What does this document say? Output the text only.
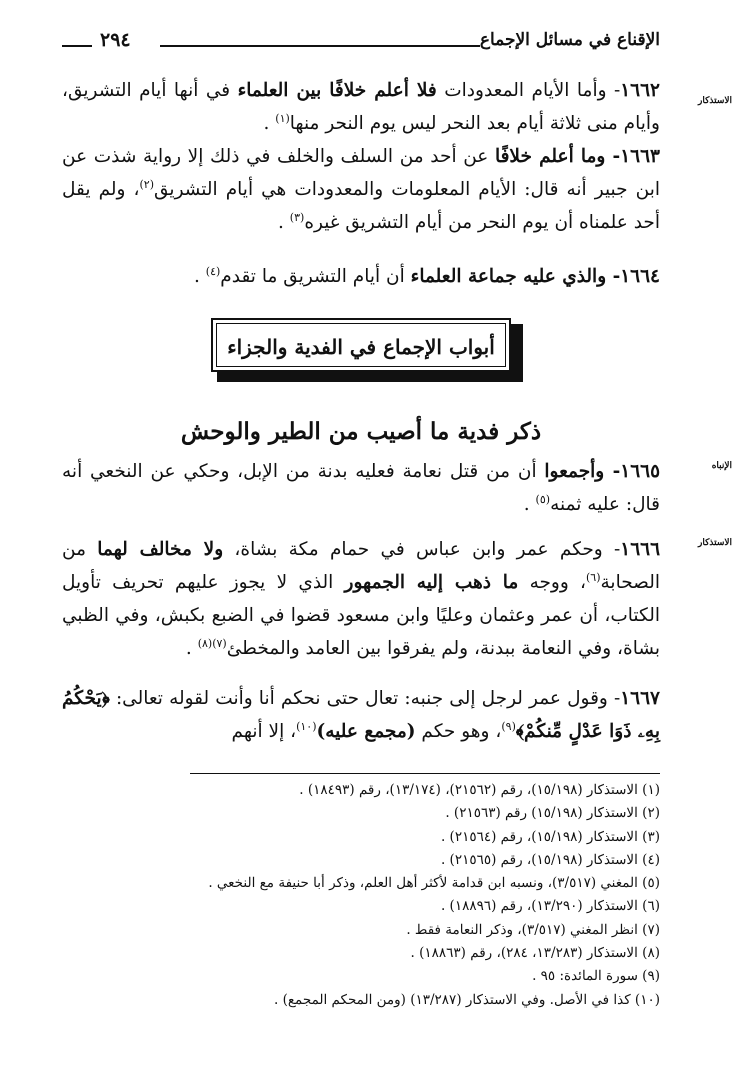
الإقناع في مسائل الإجماع
٢٩٤
الاستذكار
الإنباه
الاستذكار

١٦٦٢- وأما الأيام المعدودات فلا أعلم خلافًا بين العلماء في أنها أيام التشريق، وأيام منى ثلاثة أيام بعد النحر ليس يوم النحر منها$^{(١)}$ .

١٦٦٣- وما أعلم خلافًا عن أحد من السلف والخلف في ذلك إلا رواية شذت عن ابن جبير أنه قال: الأيام المعلومات والمعدودات هي أيام التشريق$^{(٢)}$، ولم يقل أحد علمناه أن يوم النحر من أيام التشريق غيره$^{(٣)}$ .

١٦٦٤- والذي عليه جماعة العلماء أن أيام التشريق ما تقدم$^{(٤)}$ .

أبواب الإجماع في الفدية والجزاء
ذكر فدية ما أصيب من الطير والوحش

١٦٦٥- وأجمعوا أن من قتل نعامة فعليه بدنة من الإبل، وحكي عن النخعي أنه قال: عليه ثمنه$^{(٥)}$ .

١٦٦٦- وحكم عمر وابن عباس في حمام مكة بشاة، ولا مخالف لهما من الصحابة$^{(٦)}$، ووجه ما ذهب إليه الجمهور الذي لا يجوز عليهم تحريف تأويل الكتاب، أن عمر وعثمان وعليًا وابن مسعود قضوا في الضبع بكبش، وفي الظبي بشاة، وفي النعامة ببدنة، ولم يفرقوا بين العامد والمخطئ$^{(٧)(٨)}$ .

١٦٦٧- وقول عمر لرجل إلى جنبه: تعال حتى نحكم أنا وأنت لقوله تعالى: ﴿يَحْكُمُ بِهِۦ ذَوَا عَدْلٍ مِّنكُمْ﴾$^{(٩)}$، وهو حكم (مجمع عليه)$^{(١٠)}$، إلا أنهم

(١) الاستذكار (١٥/١٩٨)، رقم (٢١٥٦٢)، (١٣/١٧٤)، رقم (١٨٤٩٣) .
(٢) الاستذكار (١٥/١٩٨) رقم (٢١٥٦٣) .
(٣) الاستذكار (١٥/١٩٨)، رقم (٢١٥٦٤) .
(٤) الاستذكار (١٥/١٩٨)، رقم (٢١٥٦٥) .
(٥) المغني (٣/٥١٧)، ونسبه ابن قدامة لأكثر أهل العلم، وذكر أبا حنيفة مع النخعي .
(٦) الاستذكار (١٣/٢٩٠)، رقم (١٨٨٩٦) .
(٧) انظر المغني (٣/٥١٧)، وذكر النعامة فقط .
(٨) الاستذكار (١٣/٢٨٣، ٢٨٤)، رقم (١٨٨٦٣) .
(٩) سورة المائدة: ٩٥ .
(١٠) كذا في الأصل. وفي الاستذكار (١٣/٢٨٧) (ومن المحكم المجمع) .
